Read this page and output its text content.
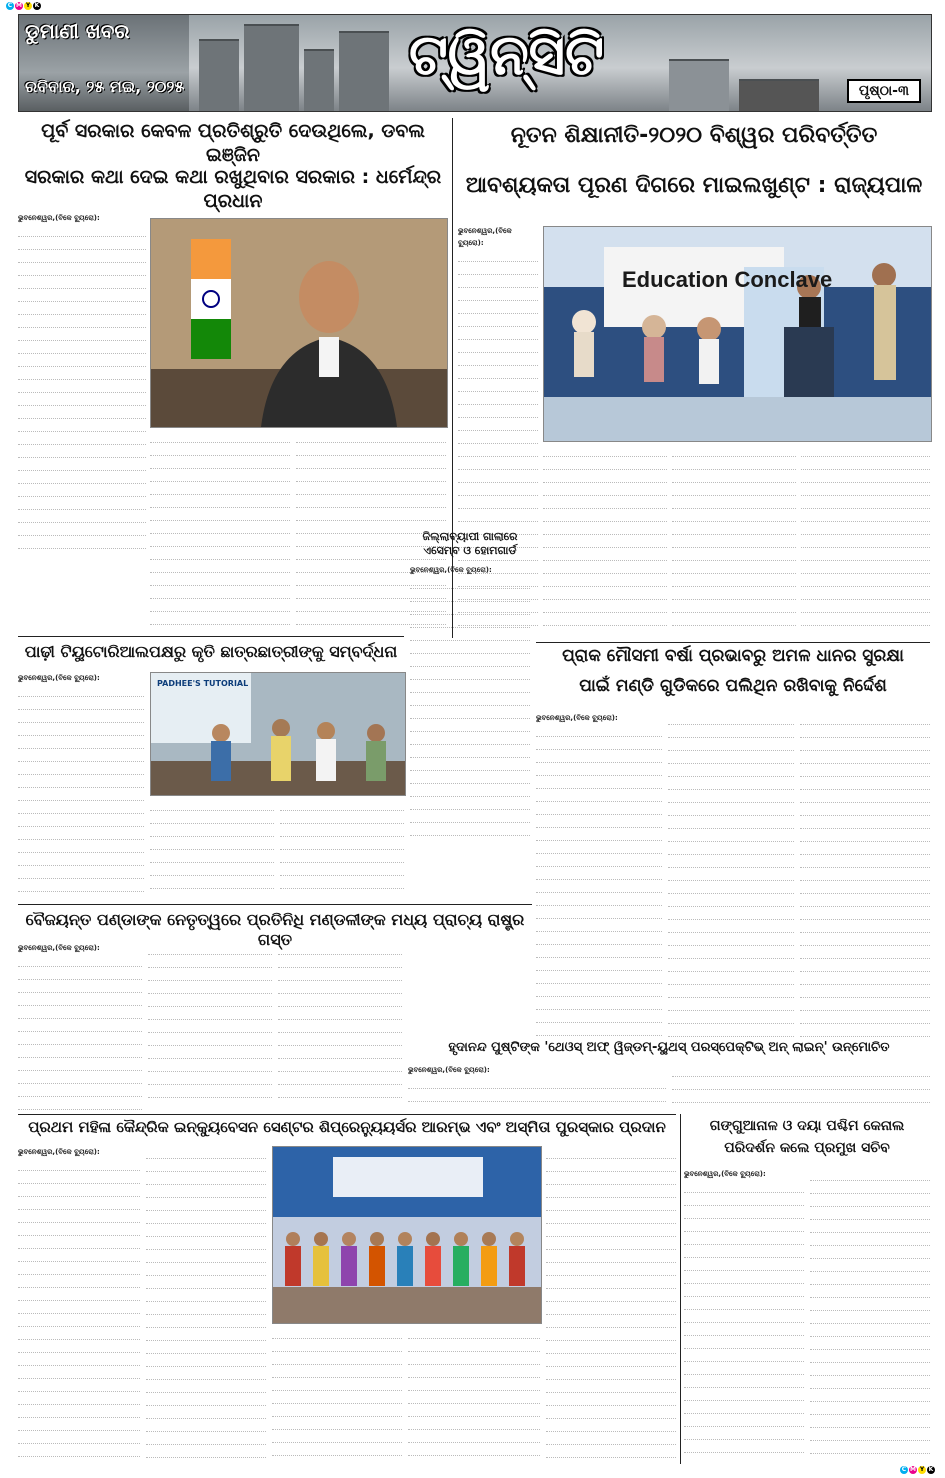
C M Y K
C M Y K
ଡୁମାଣୀ ଖବର
ରବିବାର, ୨୫ ମଇ, ୨୦୨୫	ଟ୍ୱିନ୍‌ସିଟି
ପୃଷ୍ଠା-୩
ପୂର୍ବ ସରକାର କେବଳ ପ୍ରତିଶ୍ରୁତି ଦେଉଥିଲେ, ଡବଲ ଇଞ୍ଜିନ
ସରକାର କଥା ଦେଇ କଥା ରଖୁଥିବାର ସରକାର : ଧର୍ମେନ୍ଦ୍ର ପ୍ରଧାନ
ଭୁବନେଶ୍ୱର,(ବିକେ ବ୍ୟୁରୋ):
ନୂତନ ଶିକ୍ଷାନୀତି-୨୦୨୦ ବିଶ୍ୱର ପରିବର୍ତ୍ତିତ
ଆବଶ୍ୟକତା ପୂରଣ ଦିଗରେ ମାଇଲଖୁଣ୍ଟ : ରାଜ୍ୟପାଳ
ଭୁବନେଶ୍ୱର,(ବିକେ ବ୍ୟୁରୋ):
Education Conclave
ଜିଲ୍ଲାବ୍ୟାପୀ ଗାଲାରେ ଏସେମ୍ବ ଓ ହୋମଗାର୍ଡ
ଭୁବନେଶ୍ୱର,(ବିକେ ବ୍ୟୁରୋ):
ପାଢ଼ୀ ଟିୟୁଟୋରିଆଲପକ୍ଷରୁ କୃତି ଛାତ୍ରଛାତ୍ରୀଙ୍କୁ ସମ୍ବର୍ଦ୍ଧନା
ଭୁବନେଶ୍ୱର,(ବିକେ ବ୍ୟୁରୋ):
PADHEE'S TUTORIAL
ପ୍ରାକ ମୌସମୀ ବର୍ଷା ପ୍ରଭାବରୁ ଅମଳ ଧାନର ସୁରକ୍ଷା
ପାଇଁ ମଣ୍ଡି ଗୁଡିକରେ ପଲିଥିନ ରଖିବାକୁ ନିର୍ଦ୍ଦେଶ
ଭୁବନେଶ୍ୱର,(ବିକେ ବ୍ୟୁରୋ):
ବୈଜୟନ୍ତ ପଣ୍ଡାଙ୍କ ନେତୃତ୍ୱରେ ପ୍ରତିନିଧି ମଣ୍ଡଳୀଙ୍କ ମଧ୍ୟ ପ୍ରାଚ୍ୟ ରାଷ୍ଟ୍ର ଗସ୍ତ
ଭୁବନେଶ୍ୱର,(ବିକେ ବ୍ୟୁରୋ):
ହୃଦାନନ୍ଦ ପୁଷ୍ଟିଙ୍କ 'ଥେଓସ୍ ଅଫ୍ ୱିଜ୍‌ଡମ୍-ୟୁଥସ୍ ପରସ୍ପେକ୍ଟିଭ୍ ଅନ୍ ଲାଇନ୍' ଉନ୍ମୋଚିତ
ଭୁବନେଶ୍ୱର,(ବିକେ ବ୍ୟୁରୋ):
ପ୍ରଥମ ମହିଳା କୈନ୍ଦ୍ରିକ ଇନ୍‌କ୍ୟୁବେସନ ସେଣ୍ଟର ଶିପ୍ରେନ୍ୟୁୟର୍ସର ଆରମ୍ଭ ଏବଂ ଅସ୍ମିତା ପୁରସ୍କାର ପ୍ରଦାନ
ଭୁବନେଶ୍ୱର,(ବିକେ ବ୍ୟୁରୋ):
ଗଙ୍ଗୁଆନାଳ ଓ ଦୟା ପଶ୍ଚିମ କେନାଲ
ପରିଦର୍ଶନ କଲେ ପ୍ରମୁଖ ସଚିବ
ଭୁବନେଶ୍ୱର,(ବିକେ ବ୍ୟୁରୋ):
